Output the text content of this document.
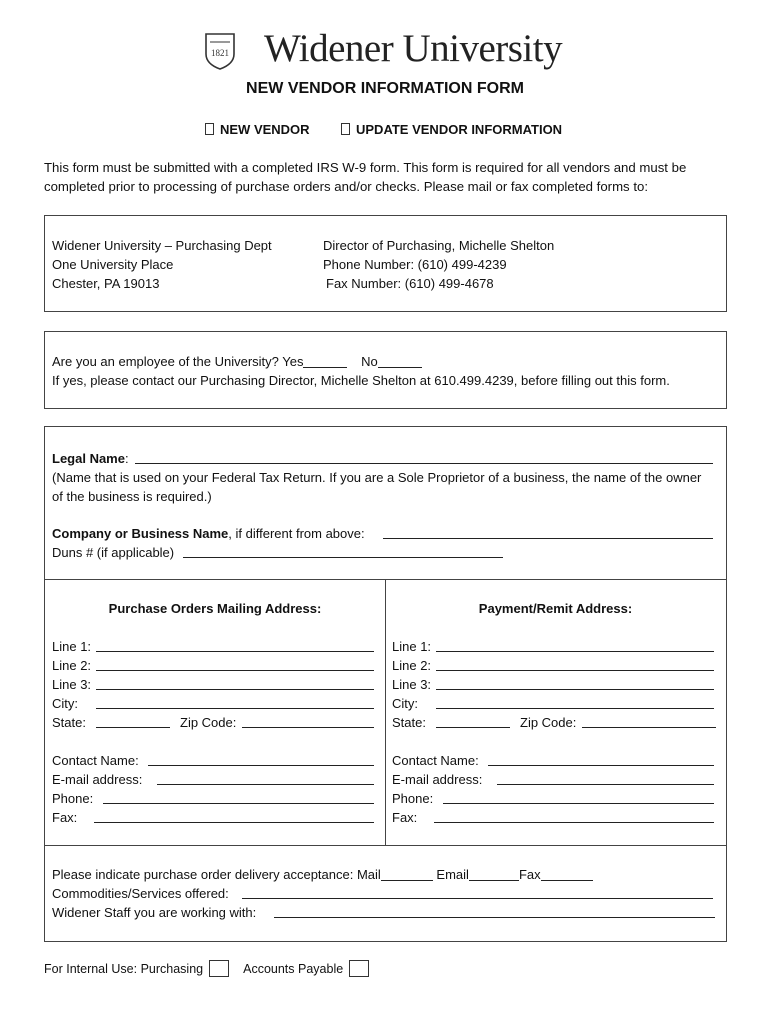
1821 Widener University
NEW VENDOR INFORMATION FORM
NEW VENDOR	UPDATE VENDOR INFORMATION
This form must be submitted with a completed IRS W-9 form. This form is required for all vendors and must be completed prior to processing of purchase orders and/or checks. Please mail or fax completed forms to:
Widener University – Purchasing Dept
One University Place
Chester, PA 19013
Director of Purchasing, Michelle Shelton
Phone Number: (610) 499-4239
Fax Number: (610) 499-4678
Are you an employee of the University? Yes	No
If yes, please contact our Purchasing Director, Michelle Shelton at 610.499.4239, before filling out this form.
Legal Name:
(Name that is used on your Federal Tax Return. If you are a Sole Proprietor of a business, the name of the owner of the business is required.)
Company or Business Name, if different from above:
Duns # (if applicable)
Purchase Orders Mailing Address:
Line 1:
Line 2:
Line 3:
City:
State:	Zip Code:
Contact Name:
E-mail address:
Phone:
Fax:
Payment/Remit Address:
Line 1:
Line 2:
Line 3:
City:
State:	Zip Code:
Contact Name:
E-mail address:
Phone:
Fax:
Please indicate purchase order delivery acceptance: Mail	Email	Fax
Commodities/Services offered:
Widener Staff you are working with:
For Internal Use: Purchasing	Accounts Payable
